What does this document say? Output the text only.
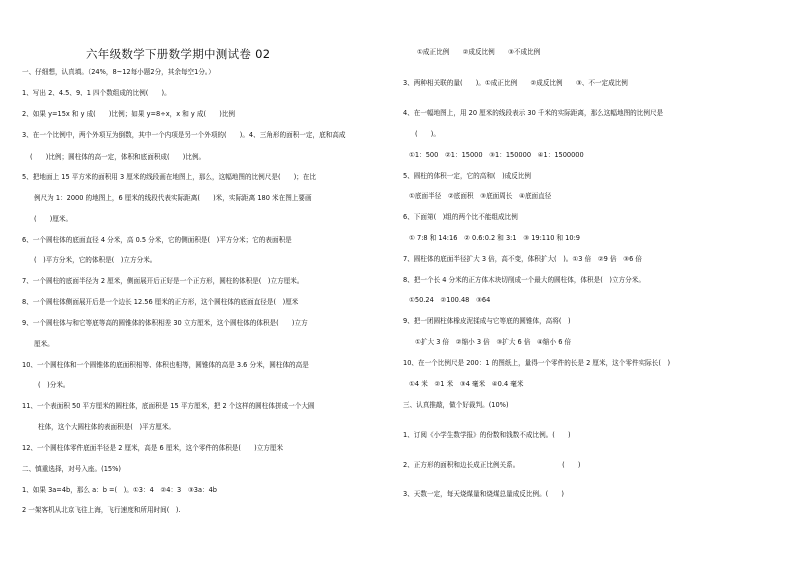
六年级数学下册数学期中测试卷 02
一、仔细想，认真填。（24%，8~12每小题2分，其余每空1分。）
1、写出 2、4.5、9、1 四个数组成的比例(　　)。
2、如果 y=15x 和 y 成(　　)比例；如果 y=8÷x，x 和 y 成(　　)比例
3、在一个比例中，两个外项互为倒数，其中一个内项是另一个外项的(　　)。4、三角形的面积一定，底和高成
(　　)比例；圆柱体的高一定，体积和底面积成(　　)比例。
5、把地面上 15 平方米的面积用 3 厘米的线段画在地图上，那么，这幅地图的比例尺是(　　)；在比
例尺为 1：2000 的地图上，6 厘米的线段代表实际距离(　　)米，实际距离 180 米在图上要画
(　　)厘米。
6、一个圆柱体的底面直径 4 分米，高 0.5 分米，它的侧面积是(　)平方分米；它的表面积是
(　)平方分米，它的体积是(　)立方分米。
7、一个圆柱的底面半径为 2 厘米，侧面展开后正好是一个正方形，圆柱的体积是(　)立方厘米。
8、一个圆柱体侧面展开后是一个边长 12.56 厘米的正方形，这个圆柱体的底面直径是(　)厘米
9、一个圆柱体与和它等底等高的圆锥体的体积相差 30 立方厘米，这个圆柱体的体积是(　　)立方
厘米。
10、一个圆柱体和一个圆锥体的底面积相等、体积也相等，圆锥体的高是 3.6 分米，圆柱体的高是
(　)分米。
11、一个表面积 50 平方厘米的圆柱体，底面积是 15 平方厘米，把 2 个这样的圆柱体拼成一个大圆
柱体，这个大圆柱体的表面积是(　)平方厘米。
12、一个圆柱体零件底面半径是 2 厘米，高是 6 厘米，这个零件的体积是(　　)立方厘米
二、慎重选择，对号入座。(15%)
1、如果 3a=4b，那么 a：b =(　)。①3：4　②4：3　③3a：4b
2 一架客机从北京飞往上海，飞行速度和所用时间(　).
①成正比例　　②成反比例　　③不成比例
3、两种相关联的量(　　)。①成正比例　　②成反比例　　③、不一定成比例
4、在一幅地图上，用 20 厘米的线段表示 30 千米的实际距离，那么这幅地图的比例尺是
(　　)。
①1：500　②1：15000　③1：150000　④1：1500000
5、圆柱的体积一定，它的高和(　)成反比例
①底面半径　②底面积　③底面周长　④底面直径
6、下面第(　)组的两个比不能组成比例
① 7:8 和 14:16　② 0.6:0.2 和 3:1　③ 19:110 和 10:9
7、圆柱体的底面半径扩大 3 倍，高不变，体积扩大(　)。①3 倍　②9 倍　③6 倍
8、把一个长 4 分米的正方体木块切削成一个最大的圆柱体，体积是(　)立方分米。
①50.24　②100.48　③64
9、把一团圆柱体橡皮泥揉成与它等底的圆锥体，高将(　)
①扩大 3 倍　②缩小 3 倍　③扩大 6 倍　④缩小 6 倍
10、在一个比例尺是 200：1 的图纸上，量得一个零件的长是 2 厘米，这个零件实际长(　)
①4 米　②1 米　③4 毫米　④0.4 毫米
三、认真推敲，做个好裁判。(10%)
1、订阅《小学生数学报》的份数和钱数不成比例。(　　)
2、正方形的面积和边长成正比例关系。　　　　　　　(　　)
3、天数一定，每天烧煤量和烧煤总量成反比例。(　　)
